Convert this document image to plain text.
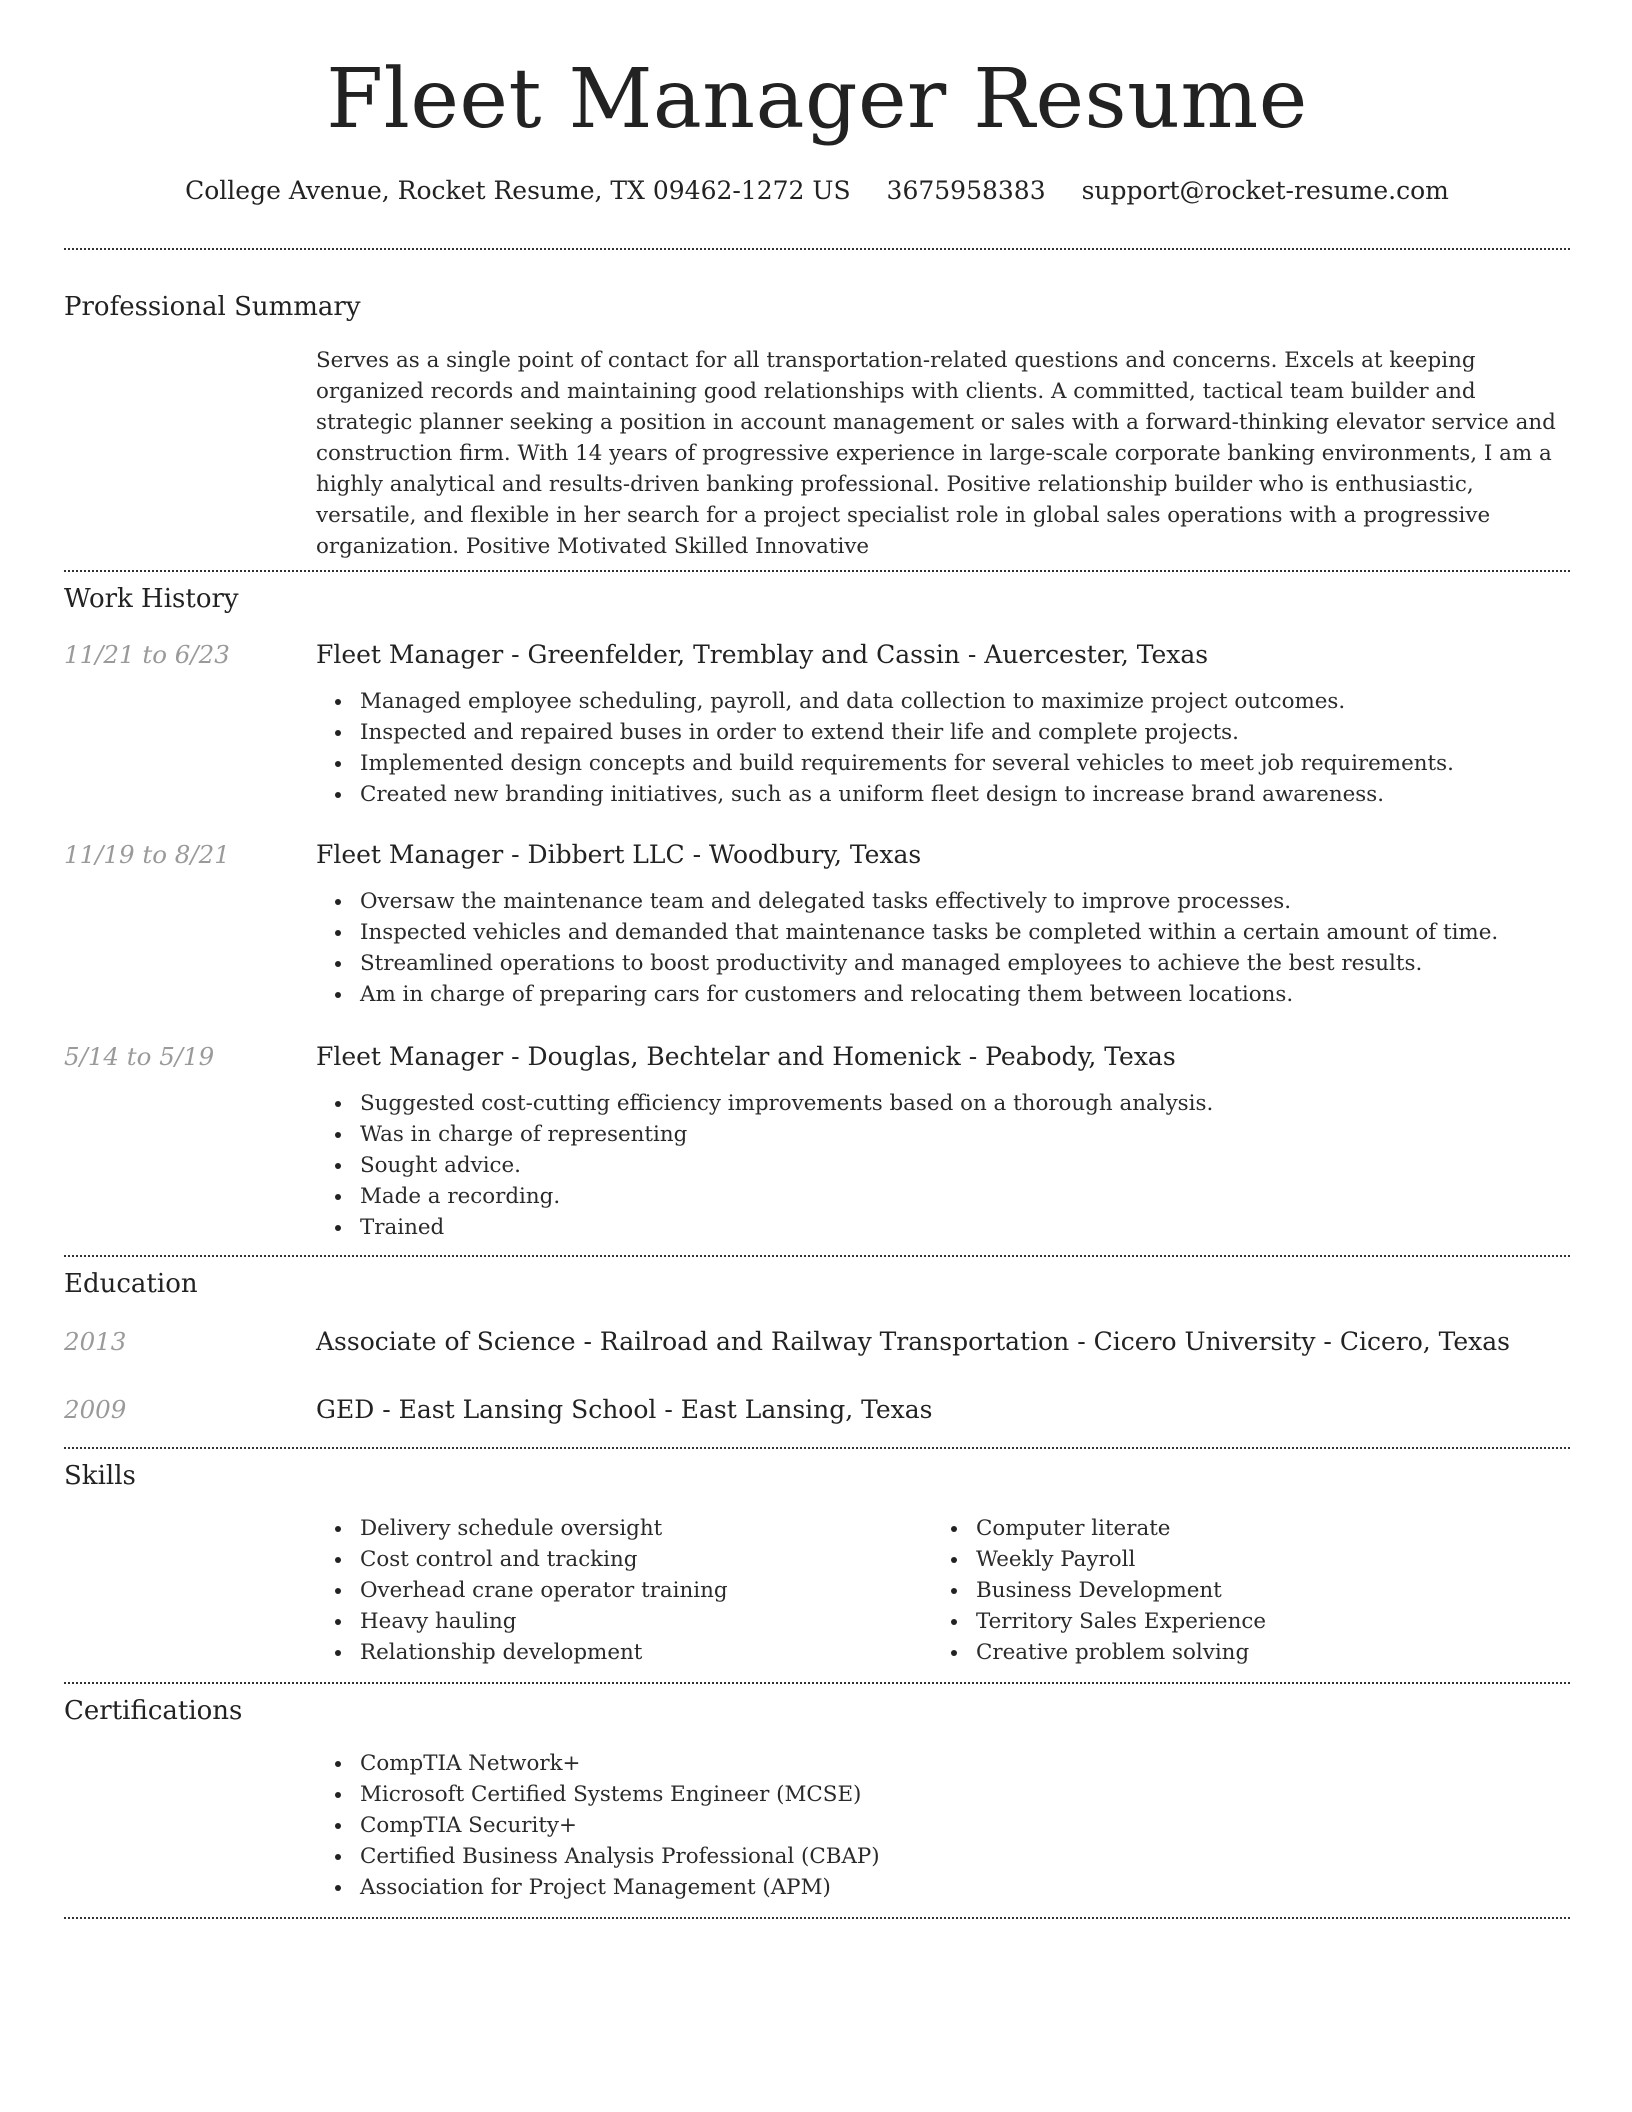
Fleet Manager Resume
College Avenue, Rocket Resume, TX 09462-1272 US 3675958383 support@rocket-resume.com
Professional Summary
Serves as a single point of contact for all transportation-related questions and concerns. Excels at keeping organized records and maintaining good relationships with clients. A committed, tactical team builder and strategic planner seeking a position in account management or sales with a forward-thinking elevator service and construction firm. With 14 years of progressive experience in large-scale corporate banking environments, I am a highly analytical and results-driven banking professional. Positive relationship builder who is enthusiastic, versatile, and flexible in her search for a project specialist role in global sales operations with a progressive organization. Positive Motivated Skilled Innovative
Work History
11/21 to 6/23	Fleet Manager - Greenfelder, Tremblay and Cassin - Auercester, Texas
Managed employee scheduling, payroll, and data collection to maximize project outcomes.
Inspected and repaired buses in order to extend their life and complete projects.
Implemented design concepts and build requirements for several vehicles to meet job requirements.
Created new branding initiatives, such as a uniform fleet design to increase brand awareness.
11/19 to 8/21	Fleet Manager - Dibbert LLC - Woodbury, Texas
Oversaw the maintenance team and delegated tasks effectively to improve processes.
Inspected vehicles and demanded that maintenance tasks be completed within a certain amount of time.
Streamlined operations to boost productivity and managed employees to achieve the best results.
Am in charge of preparing cars for customers and relocating them between locations.
5/14 to 5/19	Fleet Manager - Douglas, Bechtelar and Homenick - Peabody, Texas
Suggested cost-cutting efficiency improvements based on a thorough analysis.
Was in charge of representing
Sought advice.
Made a recording.
Trained
Education
2013	Associate of Science - Railroad and Railway Transportation - Cicero University - Cicero, Texas
2009	GED - East Lansing School - East Lansing, Texas
Skills
Delivery schedule oversight
Cost control and tracking
Overhead crane operator training
Heavy hauling
Relationship development
Computer literate
Weekly Payroll
Business Development
Territory Sales Experience
Creative problem solving
Certifications
CompTIA Network+
Microsoft Certified Systems Engineer (MCSE)
CompTIA Security+
Certified Business Analysis Professional (CBAP)
Association for Project Management (APM)
